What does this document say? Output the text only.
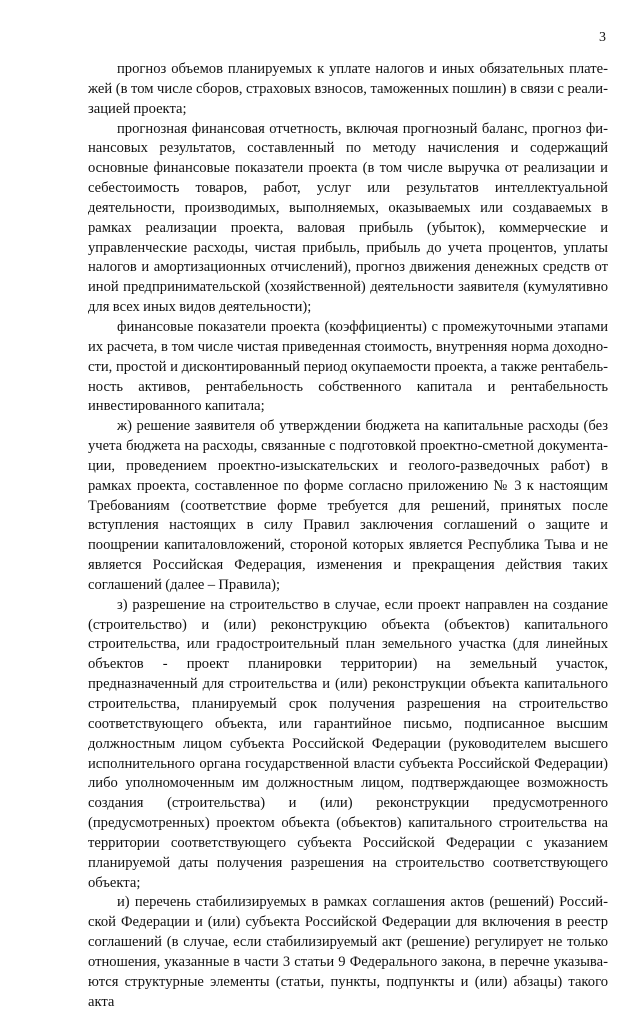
3

прогноз объемов планируемых к уплате налогов и иных обязательных платежей (в том числе сборов, страховых взносов, таможенных пошлин) в связи с реализацией проекта;

прогнозная финансовая отчетность, включая прогнозный баланс, прогноз финансовых результатов, составленный по методу начисления и содержащий основные финансовые показатели проекта (в том числе выручка от реализации и себестоимость товаров, работ, услуг или результатов интеллектуальной деятельности, производимых, выполняемых, оказываемых или создаваемых в рамках реализации проекта, валовая прибыль (убыток), коммерческие и управленческие расходы, чистая прибыль, прибыль до учета процентов, уплаты налогов и амортизационных отчислений), прогноз движения денежных средств от иной предпринимательской (хозяйственной) деятельности заявителя (кумулятивно для всех иных видов деятельности);

финансовые показатели проекта (коэффициенты) с промежуточными этапами их расчета, в том числе чистая приведенная стоимость, внутренняя норма доходности, простой и дисконтированный период окупаемости проекта, а также рентабельность активов, рентабельность собственного капитала и рентабельность инвестированного капитала;

ж) решение заявителя об утверждении бюджета на капитальные расходы (без учета бюджета на расходы, связанные с подготовкой проектно-сметной документации, проведением проектно-изыскательских и геолого-разведочных работ) в рамках проекта, составленное по форме согласно приложению № 3 к настоящим Требованиям (соответствие форме требуется для решений, принятых после вступления настоящих в силу Правил заключения соглашений о защите и поощрении капиталовложений, стороной которых является Республика Тыва и не является Российская Федерация, изменения и прекращения действия таких соглашений (далее – Правила);

з) разрешение на строительство в случае, если проект направлен на создание (строительство) и (или) реконструкцию объекта (объектов) капитального строительства, или градостроительный план земельного участка (для линейных объектов - проект планировки территории) на земельный участок, предназначенный для строительства и (или) реконструкции объекта капитального строительства, планируемый срок получения разрешения на строительство соответствующего объекта, или гарантийное письмо, подписанное высшим должностным лицом субъекта Российской Федерации (руководителем высшего исполнительного органа государственной власти субъекта Российской Федерации) либо уполномоченным им должностным лицом, подтверждающее возможность создания (строительства) и (или) реконструкции предусмотренного (предусмотренных) проектом объекта (объектов) капитального строительства на территории соответствующего субъекта Российской Федерации с указанием планируемой даты получения разрешения на строительство соответствующего объекта;

и) перечень стабилизируемых в рамках соглашения актов (решений) Российской Федерации и (или) субъекта Российской Федерации для включения в реестр соглашений (в случае, если стабилизируемый акт (решение) регулирует не только отношения, указанные в части 3 статьи 9 Федерального закона, в перечне указываются структурные элементы (статьи, пункты, подпункты и (или) абзацы) такого акта
